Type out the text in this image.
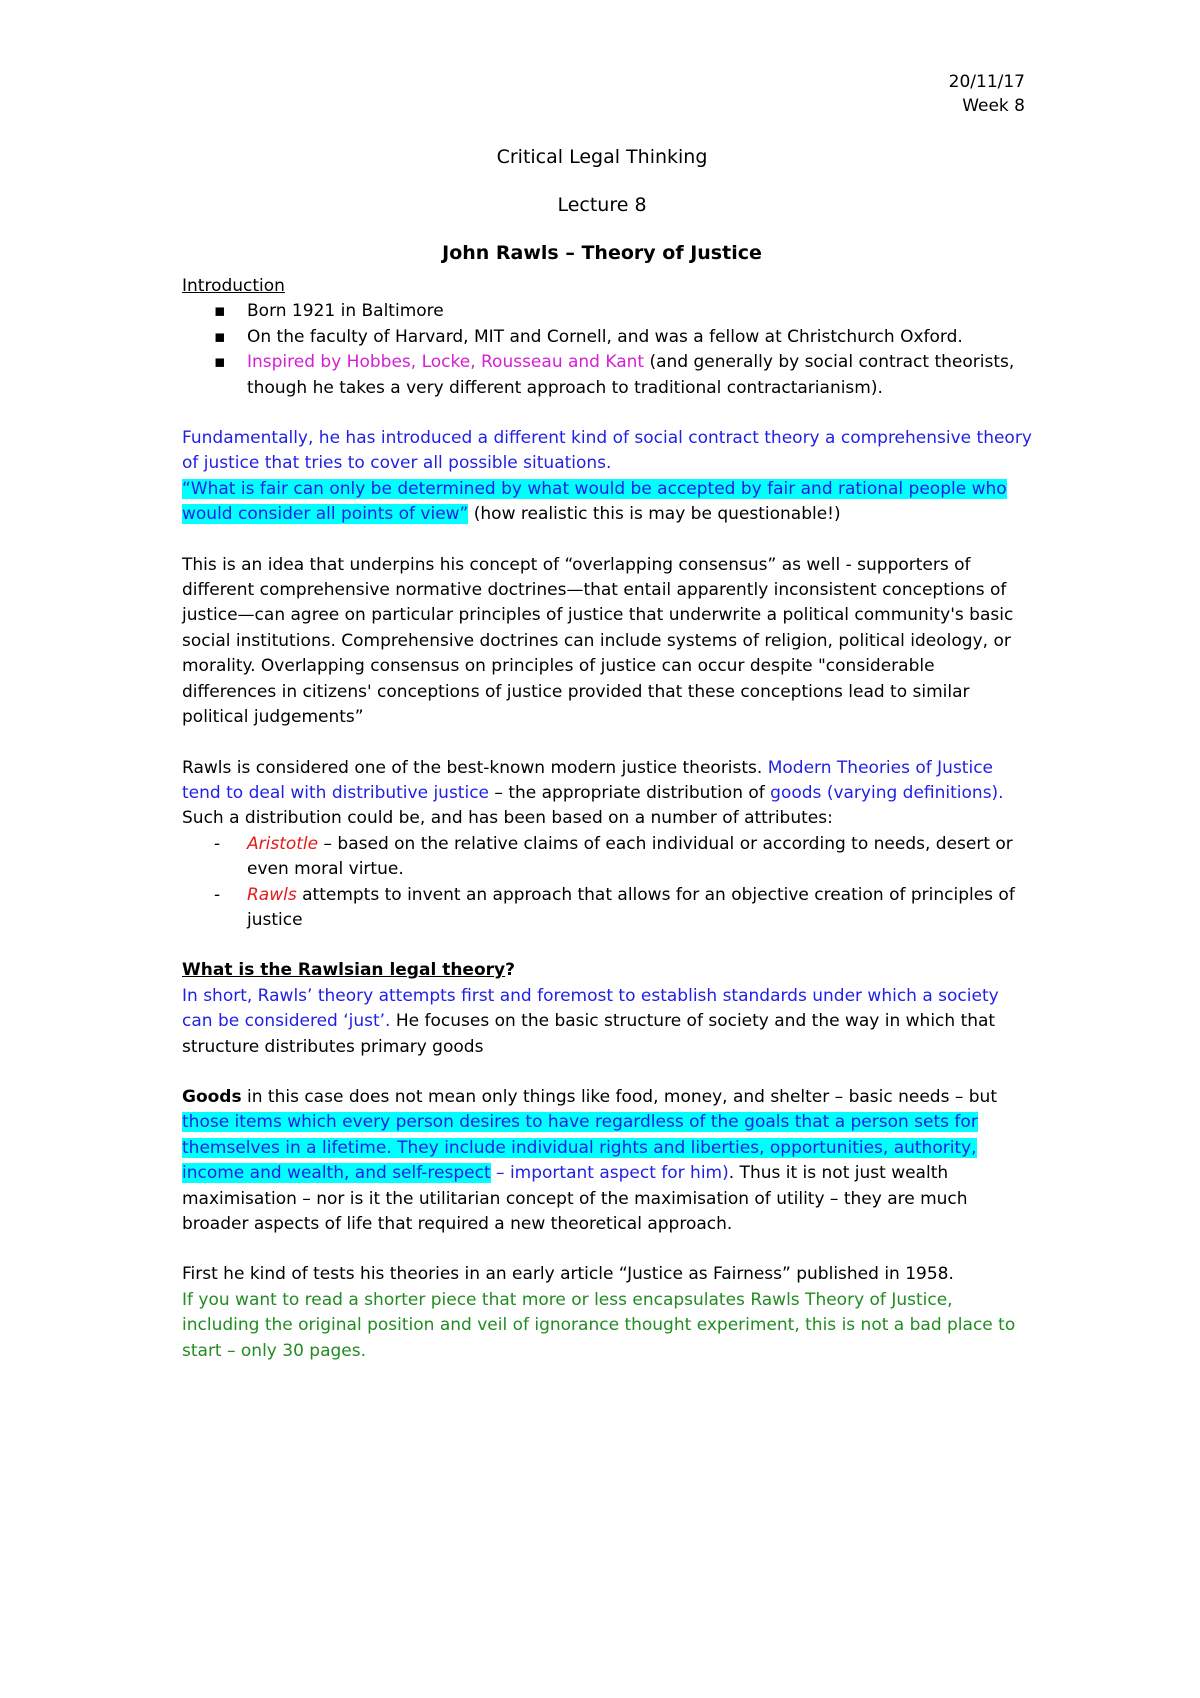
20/11/17
Week 8

Critical Legal Thinking

Lecture 8

John Rawls – Theory of Justice

Introduction

▪ Born 1921 in Baltimore
▪ On the faculty of Harvard, MIT and Cornell, and was a fellow at Christchurch Oxford.
▪ Inspired by Hobbes, Locke, Rousseau and Kant (and generally by social contract theorists, though he takes a very different approach to traditional contractarianism).

Fundamentally, he has introduced a different kind of social contract theory a comprehensive theory of justice that tries to cover all possible situations.
“What is fair can only be determined by what would be accepted by fair and rational people who would consider all points of view” (how realistic this is may be questionable!)

This is an idea that underpins his concept of “overlapping consensus” as well - supporters of different comprehensive normative doctrines—that entail apparently inconsistent conceptions of justice—can agree on particular principles of justice that underwrite a political community's basic social institutions. Comprehensive doctrines can include systems of religion, political ideology, or morality. Overlapping consensus on principles of justice can occur despite "considerable differences in citizens' conceptions of justice provided that these conceptions lead to similar political judgements”

Rawls is considered one of the best-known modern justice theorists. Modern Theories of Justice tend to deal with distributive justice – the appropriate distribution of goods (varying definitions).

Such a distribution could be, and has been based on a number of attributes:

- Aristotle – based on the relative claims of each individual or according to needs, desert or even moral virtue.
- Rawls attempts to invent an approach that allows for an objective creation of principles of justice

What is the Rawlsian legal theory?

In short, Rawls’ theory attempts first and foremost to establish standards under which a society can be considered ‘just’. He focuses on the basic structure of society and the way in which that structure distributes primary goods

Goods in this case does not mean only things like food, money, and shelter – basic needs – but those items which every person desires to have regardless of the goals that a person sets for themselves in a lifetime. They include individual rights and liberties, opportunities, authority, income and wealth, and self-respect – important aspect for him). Thus it is not just wealth maximisation – nor is it the utilitarian concept of the maximisation of utility – they are much broader aspects of life that required a new theoretical approach.

First he kind of tests his theories in an early article “Justice as Fairness” published in 1958.
If you want to read a shorter piece that more or less encapsulates Rawls Theory of Justice, including the original position and veil of ignorance thought experiment, this is not a bad place to start – only 30 pages.
